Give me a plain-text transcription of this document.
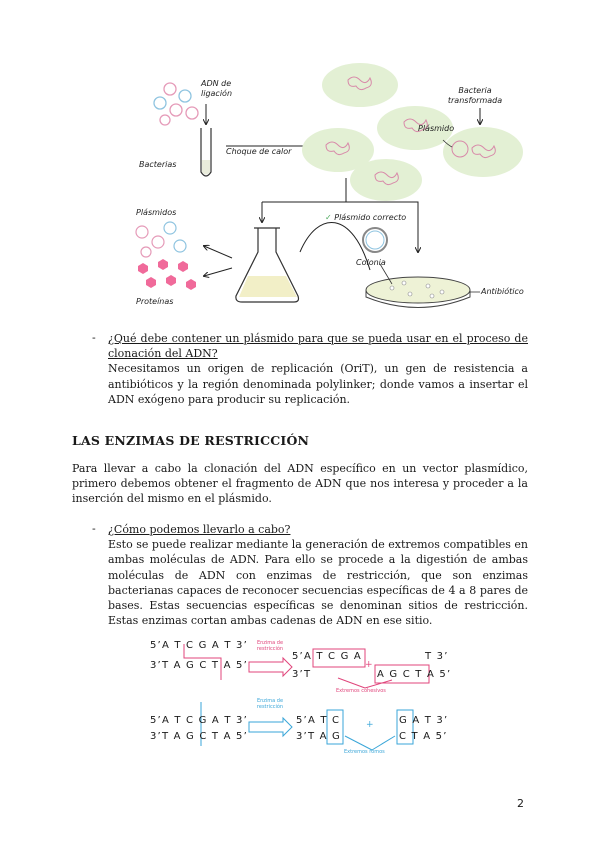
ADN de ligación
Bacterias
Choque de calor
Bacteria transformada
Plásmido
Plásmidos
Proteínas
✓ Plásmido correcto
Colonia
Antibiótico
- ¿Qué debe contener un plásmido para que se pueda usar en el proceso de clonación del ADN?
Necesitamos un origen de replicación (OriT), un gen de resistencia a antibióticos y la región denominada polylinker; donde vamos a insertar el ADN exógeno para producir su replicación.
LAS ENZIMAS DE RESTRICCIÓN
Para llevar a cabo la clonación del ADN específico en un vector plasmídico, primero debemos obtener el fragmento de ADN que nos interesa y proceder a la inserción del mismo en el plásmido.
- ¿Cómo podemos llevarlo a cabo?
Esto se puede realizar mediante la generación de extremos compatibles en ambas moléculas de ADN. Para ello se procede a la digestión de ambas moléculas de ADN con enzimas de restricción, que son enzimas bacterianas capaces de reconocer secuencias específicas de 4 a 8 pares de bases. Estas secuencias específicas se denominan sitios de restricción. Estas enzimas cortan ambas cadenas de ADN en ese sitio.
5’A T C G A T 3’
3’T A G C T A 5’
Enzima de restricción
5’A T C G A
3’T
T 3’
A G C T A 5’
+
Extremos cohesivos
5’A T C G A T 3’
3’T A G C T A 5’
Enzima de restricción
5’A T C
3’T A G
G A T 3’
C T A 5’
+
Extremos romos
2
